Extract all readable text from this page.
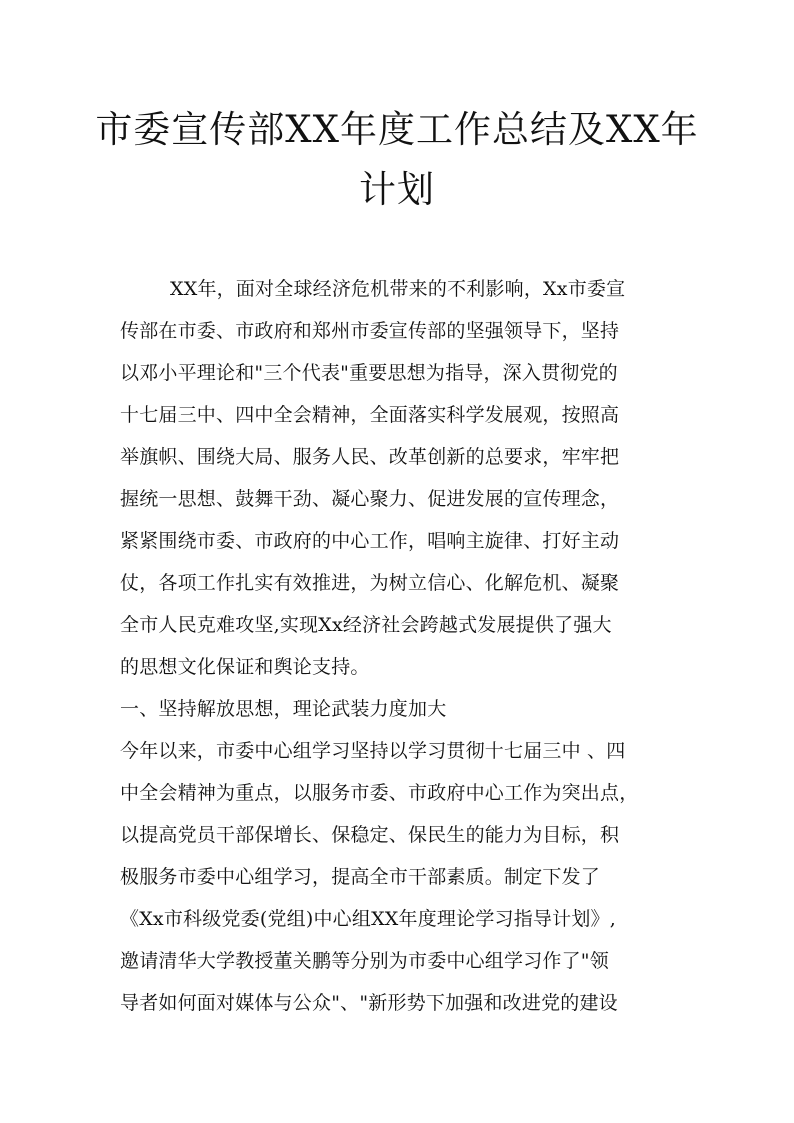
市委宣传部XX年度工作总结及XX年
计划
XX年，面对全球经济危机带来的不利影响，Xx市委宣
传部在市委、市政府和郑州市委宣传部的坚强领导下，坚持
以邓小平理论和"三个代表"重要思想为指导，深入贯彻党的
十七届三中、四中全会精神，全面落实科学发展观，按照高
举旗帜、围绕大局、服务人民、改革创新的总要求，牢牢把
握统一思想、鼓舞干劲、凝心聚力、促进发展的宣传理念，
紧紧围绕市委、市政府的中心工作，唱响主旋律、打好主动
仗，各项工作扎实有效推进，为树立信心、化解危机、凝聚
全市人民克难攻坚,实现Xx经济社会跨越式发展提供了强大
的思想文化保证和舆论支持。
一、坚持解放思想，理论武装力度加大
今年以来，市委中心组学习坚持以学习贯彻十七届三中 、四
中全会精神为重点，以服务市委、市政府中心工作为突出点，
以提高党员干部保增长、保稳定、保民生的能力为目标，积
极服务市委中心组学习，提高全市干部素质。制定下发了
《Xx市科级党委(党组)中心组XX年度理论学习指导计划》,
邀请清华大学教授董关鹏等分别为市委中心组学习作了"领
导者如何面对媒体与公众"、"新形势下加强和改进党的建设
